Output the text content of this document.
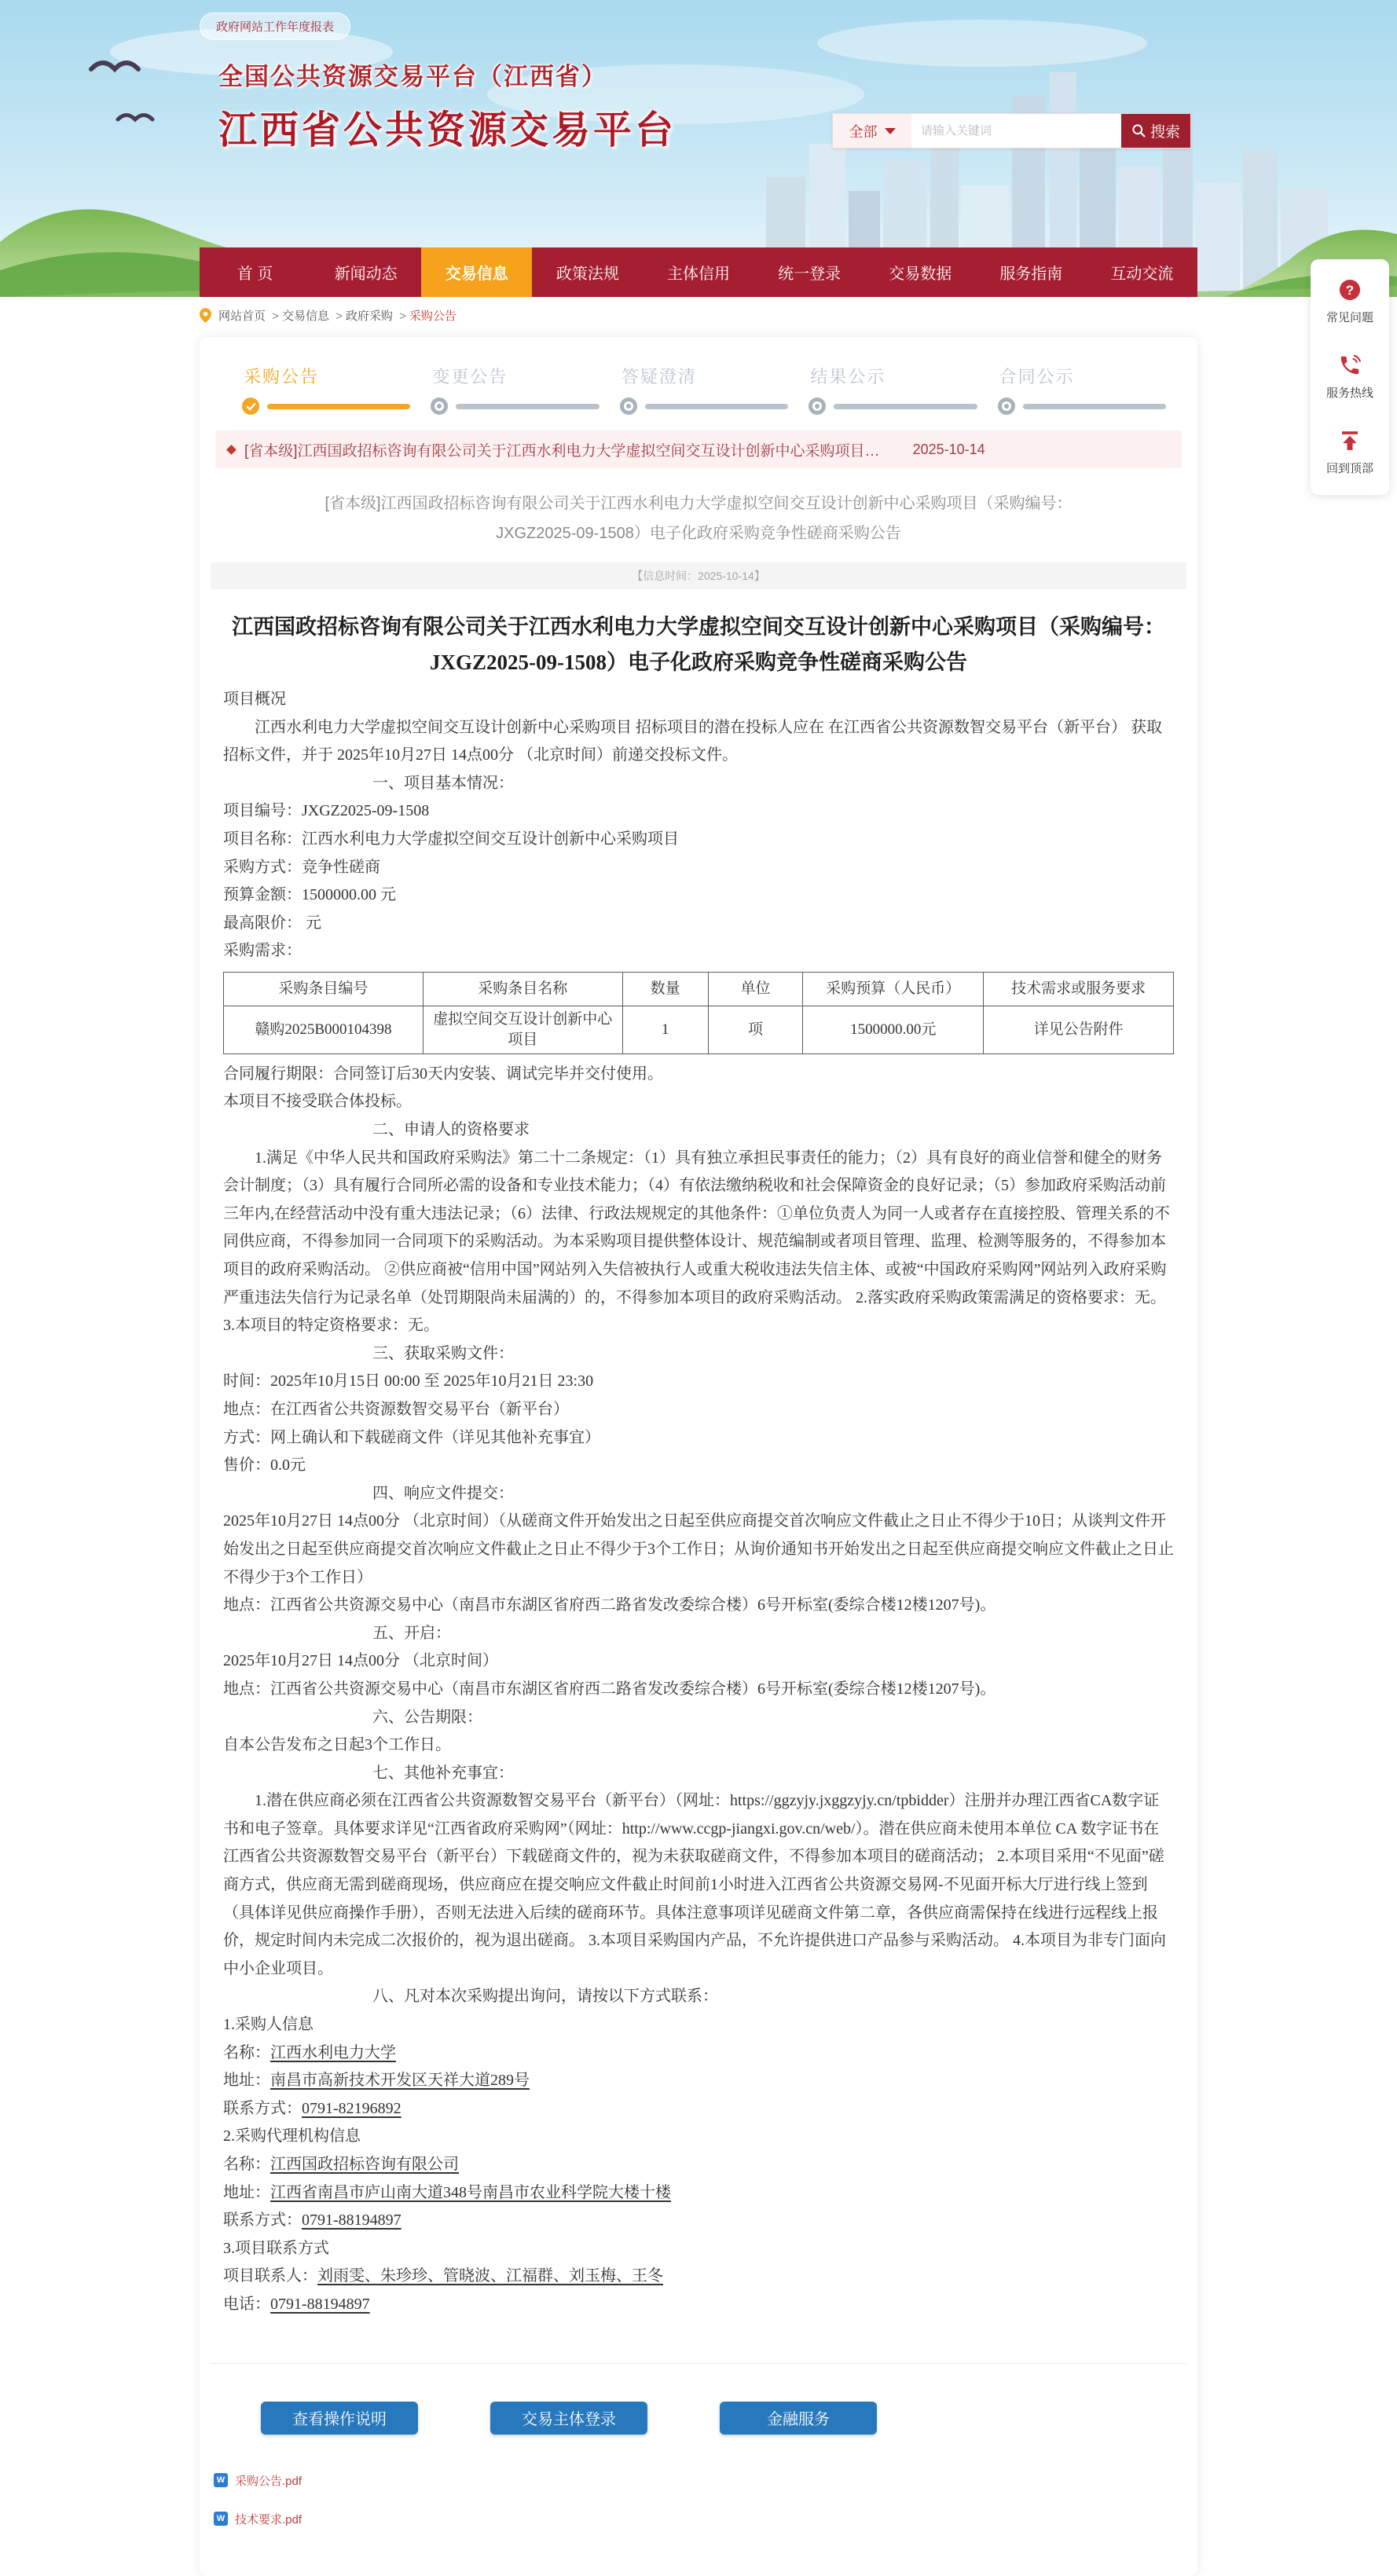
政府网站工作年度报表
全国公共资源交易平台（江西省）
江西省公共资源交易平台	全部
请输入关键词	搜索
首 页	新闻动态	交易信息	政策法规	主体信用	统一登录	交易数据	服务指南	互动交流
网站首页 >	交易信息 >	政府采购 >	采购公告
采购公告	变更公告	答疑澄清	结果公示	合同公示
[省本级]江西国政招标咨询有限公司关于江西水利电力大学虚拟空间交互设计创新中心采购项目… 2025-10-14
[省本级]江西国政招标咨询有限公司关于江西水利电力大学虚拟空间交互设计创新中心采购项目（采购编号：JXGZ2025-09-1508）电子化政府采购竞争性磋商采购公告
【信息时间：2025-10-14】
江西国政招标咨询有限公司关于江西水利电力大学虚拟空间交互设计创新中心采购项目（采购编号：JXGZ2025-09-1508）电子化政府采购竞争性磋商采购公告

项目概况

江西水利电力大学虚拟空间交互设计创新中心采购项目 招标项目的潜在投标人应在 在江西省公共资源数智交易平台（新平台） 获取招标文件，并于 2025年10月27日 14点00分 （北京时间）前递交投标文件。

一、项目基本情况：

项目编号：JXGZ2025-09-1508

项目名称：江西水利电力大学虚拟空间交互设计创新中心采购项目

采购方式：竞争性磋商

预算金额：1500000.00 元

最高限价： 元

采购需求：

采购条目编号	采购条目名称	数量	单位	采购预算（人民币）	技术需求或服务要求
赣购2025B000104398	虚拟空间交互设计创新中心项目	1	项	1500000.00元	详见公告附件

合同履行期限：合同签订后30天内安装、调试完毕并交付使用。

本项目不接受联合体投标。

二、申请人的资格要求

1.满足《中华人民共和国政府采购法》第二十二条规定：（1）具有独立承担民事责任的能力；（2）具有良好的商业信誉和健全的财务会计制度；（3）具有履行合同所必需的设备和专业技术能力；（4）有依法缴纳税收和社会保障资金的良好记录；（5）参加政府采购活动前三年内,在经营活动中没有重大违法记录；（6）法律、行政法规规定的其他条件：①单位负责人为同一人或者存在直接控股、管理关系的不同供应商，不得参加同一合同项下的采购活动。为本采购项目提供整体设计、规范编制或者项目管理、监理、检测等服务的，不得参加本项目的政府采购活动。 ②供应商被“信用中国”网站列入失信被执行人或重大税收违法失信主体、或被“中国政府采购网”网站列入政府采购严重违法失信行为记录名单（处罚期限尚未届满的）的，不得参加本项目的政府采购活动。 2.落实政府采购政策需满足的资格要求：无。3.本项目的特定资格要求：无。

三、获取采购文件：

时间：2025年10月15日 00:00 至 2025年10月21日 23:30

地点：在江西省公共资源数智交易平台（新平台）

方式：网上确认和下载磋商文件（详见其他补充事宜）

售价：0.0元

四、响应文件提交：

2025年10月27日 14点00分 （北京时间）（从磋商文件开始发出之日起至供应商提交首次响应文件截止之日止不得少于10日；从谈判文件开始发出之日起至供应商提交首次响应文件截止之日止不得少于3个工作日；从询价通知书开始发出之日起至供应商提交响应文件截止之日止不得少于3个工作日）

地点：江西省公共资源交易中心（南昌市东湖区省府西二路省发改委综合楼）6号开标室(委综合楼12楼1207号)。

五、开启：

2025年10月27日 14点00分 （北京时间）

地点：江西省公共资源交易中心（南昌市东湖区省府西二路省发改委综合楼）6号开标室(委综合楼12楼1207号)。

六、公告期限：

自本公告发布之日起3个工作日。

七、其他补充事宜：

1.潜在供应商必须在江西省公共资源数智交易平台（新平台）（网址：https://ggzyjy.jxggzyjy.cn/tpbidder）注册并办理江西省CA数字证书和电子签章。具体要求详见“江西省政府采购网”（网址：http://www.ccgp-jiangxi.gov.cn/web/）。潜在供应商未使用本单位 CA 数字证书在江西省公共资源数智交易平台（新平台）下载磋商文件的，视为未获取磋商文件，不得参加本项目的磋商活动； 2.本项目采用“不见面”磋商方式，供应商无需到磋商现场，供应商应在提交响应文件截止时间前1小时进入江西省公共资源交易网-不见面开标大厅进行线上签到（具体详见供应商操作手册），否则无法进入后续的磋商环节。具体注意事项详见磋商文件第二章，各供应商需保持在线进行远程线上报价，规定时间内未完成二次报价的，视为退出磋商。 3.本项目采购国内产品，不允许提供进口产品参与采购活动。 4.本项目为非专门面向中小企业项目。

八、凡对本次采购提出询问，请按以下方式联系：

1.采购人信息

名称：江西水利电力大学

地址：南昌市高新技术开发区天祥大道289号

联系方式：0791-82196892

2.采购代理机构信息

名称：江西国政招标咨询有限公司

地址：江西省南昌市庐山南大道348号南昌市农业科学院大楼十楼

联系方式：0791-88194897

3.项目联系方式

项目联系人：刘雨雯、朱珍珍、管晓波、江福群、刘玉梅、王冬

电话：0791-88194897

查看操作说明	交易主体登录	金融服务
W 采购公告.pdf
W 技术要求.pdf
?
常见问题
服务热线
回到顶部
